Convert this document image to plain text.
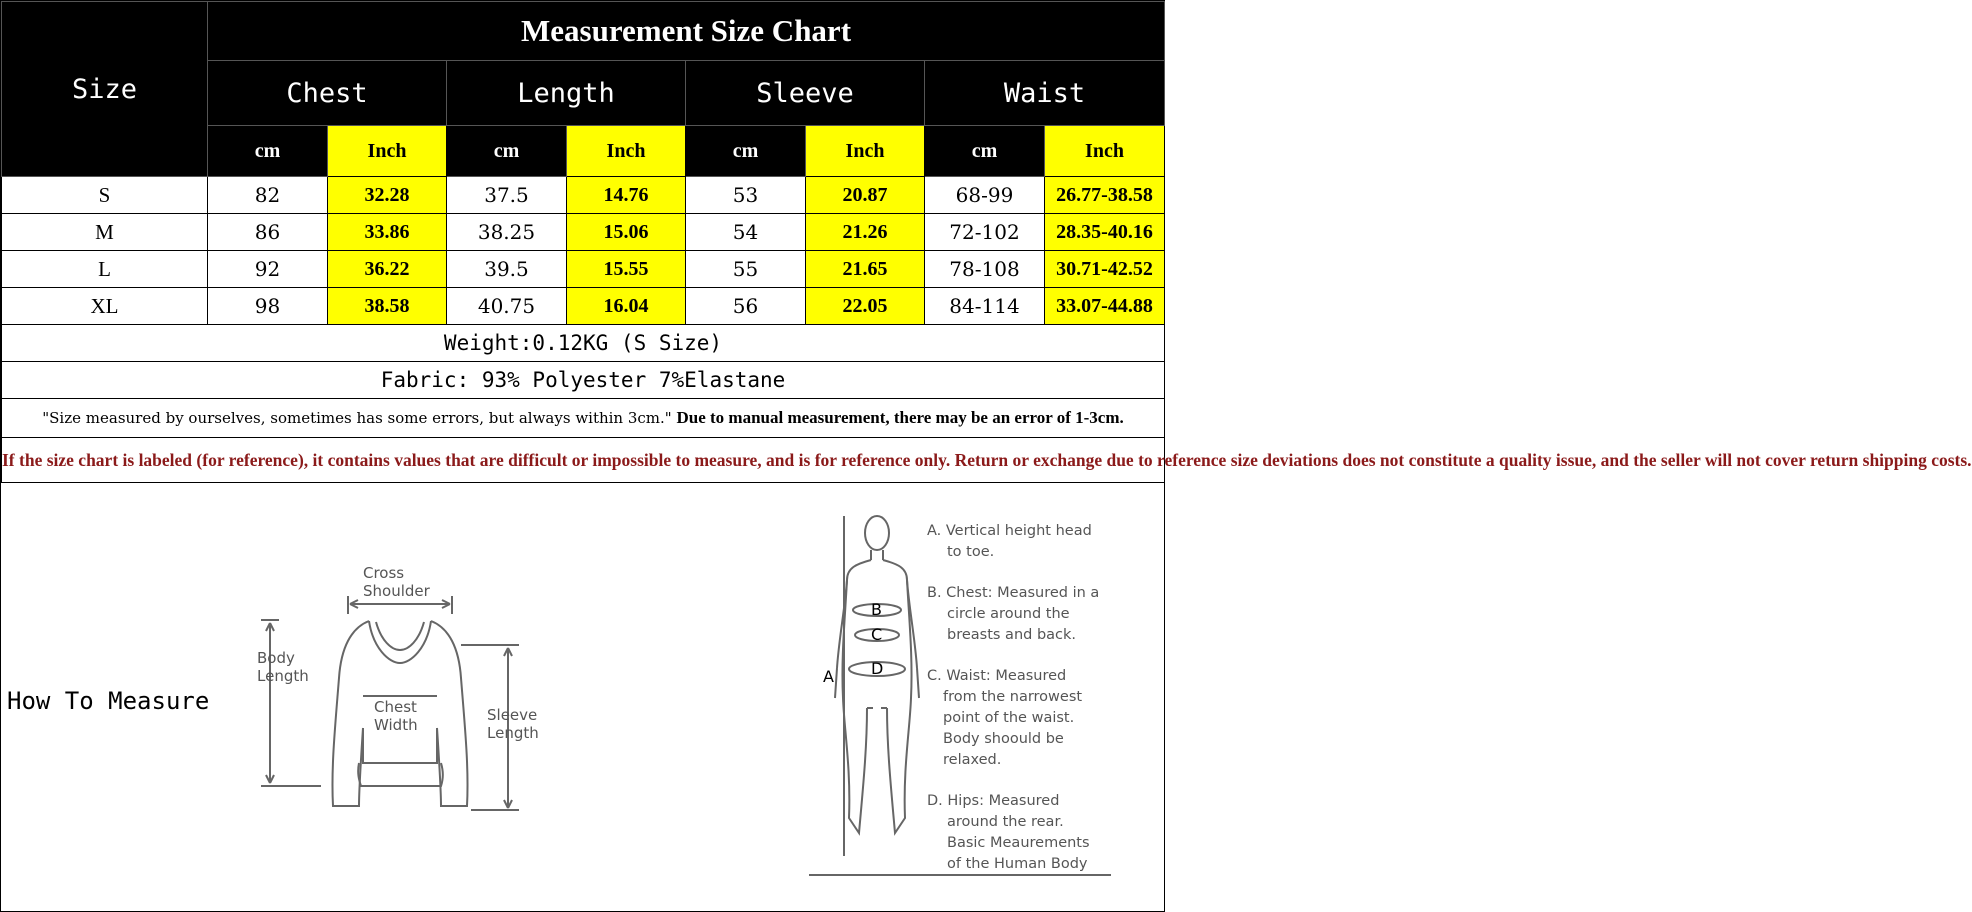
Size	Measurement Size Chart							
	Chest		Length		Sleeve		Waist	
	cm	Inch	cm	Inch	cm	Inch	cm	Inch
S	82	32.28	37.5	14.76	53	20.87	68-99	26.77-38.58
M	86	33.86	38.25	15.06	54	21.26	72-102	28.35-40.16
L	92	36.22	39.5	15.55	55	21.65	78-108	30.71-42.52
XL	98	38.58	40.75	16.04	56	22.05	84-114	33.07-44.88
Weight:0.12KG (S Size)								
Fabric: 93% Polyester 7%Elastane								
"Size measured by ourselves, sometimes has some errors, but always within 3cm." Due to manual measurement, there may be an error of 1-3cm.								
If the size chart is labeled (for reference), it contains values that are difficult or impossible to measure, and is for reference only. Return or exchange due to reference size deviations does not constitute a quality issue, and the seller will not cover return shipping costs.								
How To Measure
Cross
Shoulder
Body
Length
Chest
Width
Sleeve
Length
A
B
C
D
A. Vertical height head
to toe.
B. Chest: Measured in a
circle around the
breasts and back.
C. Waist: Measured
from the narrowest
point of the waist.
Body shoould be
relaxed.
D. Hips: Measured
around the rear.
Basic Meaurements
of the Human Body
